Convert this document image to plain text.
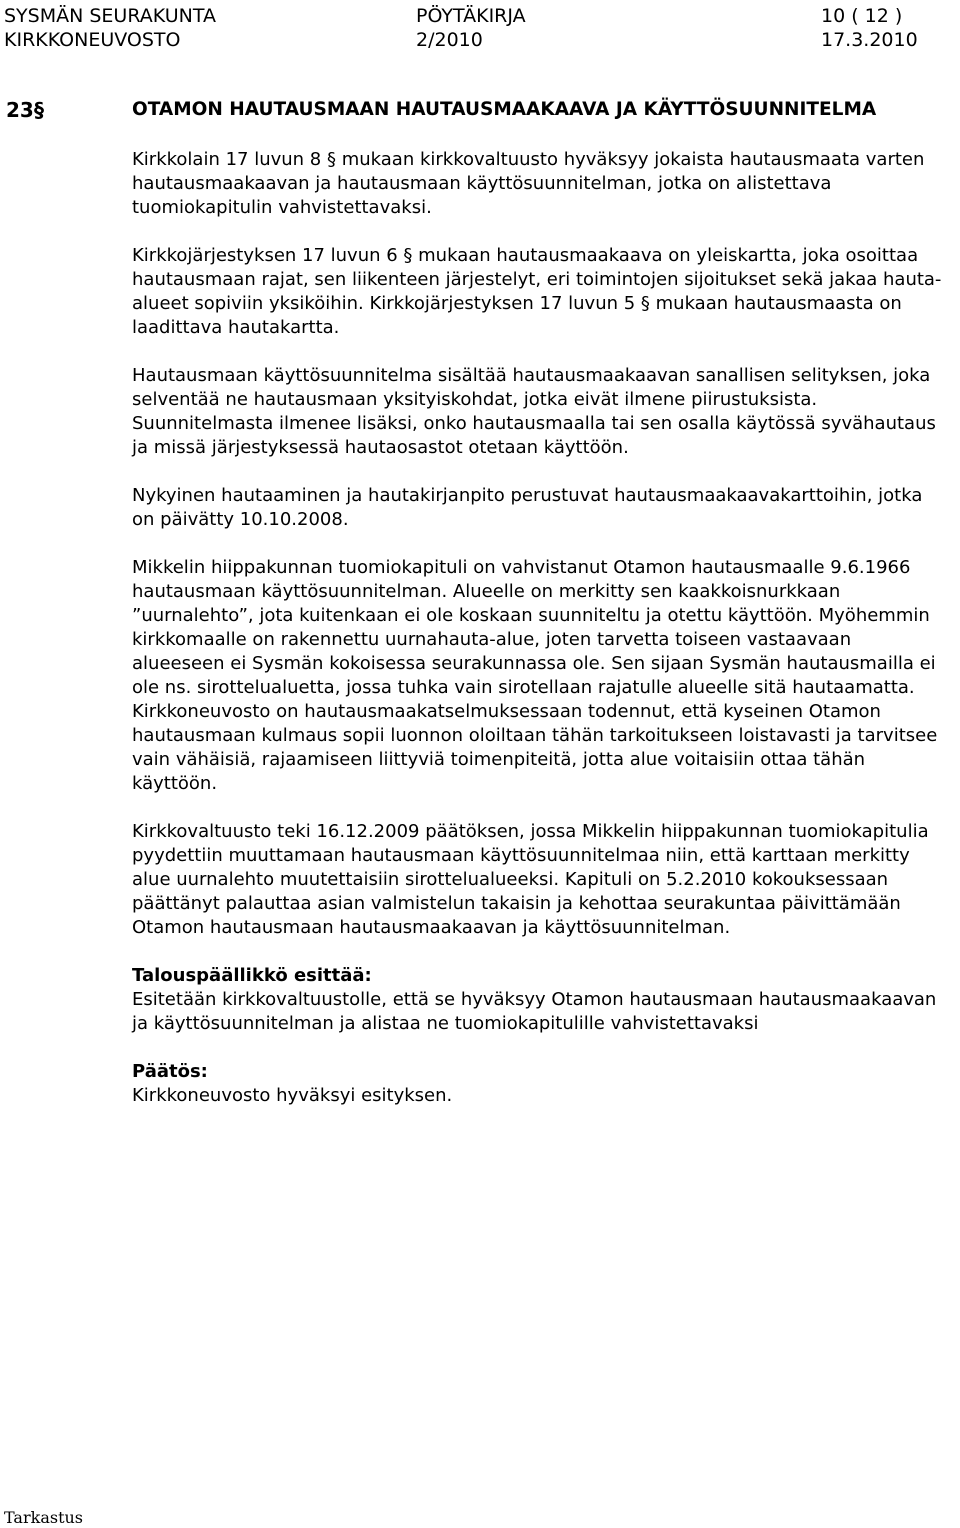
SYSMÄN SEURAKUNTA	PÖYTÄKIRJA	10 ( 12 )
KIRKKONEUVOSTO	2/2010	17.3.2010
23 §	OTAMON HAUTAUSMAAN HAUTAUSMAAKAAVA JA KÄYTTÖSUUNNITELMA

Kirkkolain 17 luvun 8 § mukaan kirkkovaltuusto hyväksyy jokaista hautausmaata varten hautausmaakaavan ja hautausmaan käyttösuunnitelman, jotka on alistettava tuomiokapitulin vahvistettavaksi.

Kirkkojärjestyksen 17 luvun 6 § mukaan hautausmaakaava on yleiskartta, joka osoittaa hautausmaan rajat, sen liikenteen järjestelyt, eri toimintojen sijoitukset sekä jakaa hauta-alueet sopiviin yksiköihin. Kirkkojärjestyksen 17 luvun 5 § mukaan hautausmaasta on laadittava hautakartta.

Hautausmaan käyttösuunnitelma sisältää hautausmaakaavan sanallisen selityksen, joka selventää ne hautausmaan yksityiskohdat, jotka eivät ilmene piirustuksista. Suunnitelmasta ilmenee lisäksi, onko hautausmaalla tai sen osalla käytössä syvähautaus ja missä järjestyksessä hautaosastot otetaan käyttöön.

Nykyinen hautaaminen ja hautakirjanpito perustuvat hautausmaakaavakarttoihin, jotka on päivätty 10.10.2008.

Mikkelin hiippakunnan tuomiokapituli on vahvistanut Otamon hautausmaalle 9.6.1966 hautausmaan käyttösuunnitelman. Alueelle on merkitty sen kaakkoisnurkkaan ”uurnalehto”, jota kuitenkaan ei ole koskaan suunniteltu ja otettu käyttöön. Myöhemmin kirkkomaalle on rakennettu uurnahauta-alue, joten tarvetta toiseen vastaavaan alueeseen ei Sysmän kokoisessa seurakunnassa ole. Sen sijaan Sysmän hautausmailla ei ole ns. sirottelualuetta, jossa tuhka vain sirotellaan rajatulle alueelle sitä hautaamatta. Kirkkoneuvosto on hautausmaakatselmuksessaan todennut, että kyseinen Otamon hautausmaan kulmaus sopii luonnon oloiltaan tähän tarkoitukseen loistavasti ja tarvitsee vain vähäisiä, rajaamiseen liittyviä toimenpiteitä, jotta alue voitaisiin ottaa tähän käyttöön.

Kirkkovaltuusto teki 16.12.2009 päätöksen, jossa Mikkelin hiippakunnan tuomiokapitulia pyydettiin muuttamaan hautausmaan käyttösuunnitelmaa niin, että karttaan merkitty alue uurnalehto muutettaisiin sirottelualueeksi. Kapituli on 5.2.2010 kokouksessaan päättänyt palauttaa asian valmistelun takaisin ja kehottaa seurakuntaa päivittämään Otamon hautausmaan hautausmaakaavan ja käyttösuunnitelman.

Talouspäällikkö esittää:

Esitetään kirkkovaltuustolle, että se hyväksyy Otamon hautausmaan hautausmaakaavan ja käyttösuunnitelman ja alistaa ne tuomiokapitulille vahvistettavaksi

Päätös:

Kirkkoneuvosto hyväksyi esityksen.

Tarkastus
